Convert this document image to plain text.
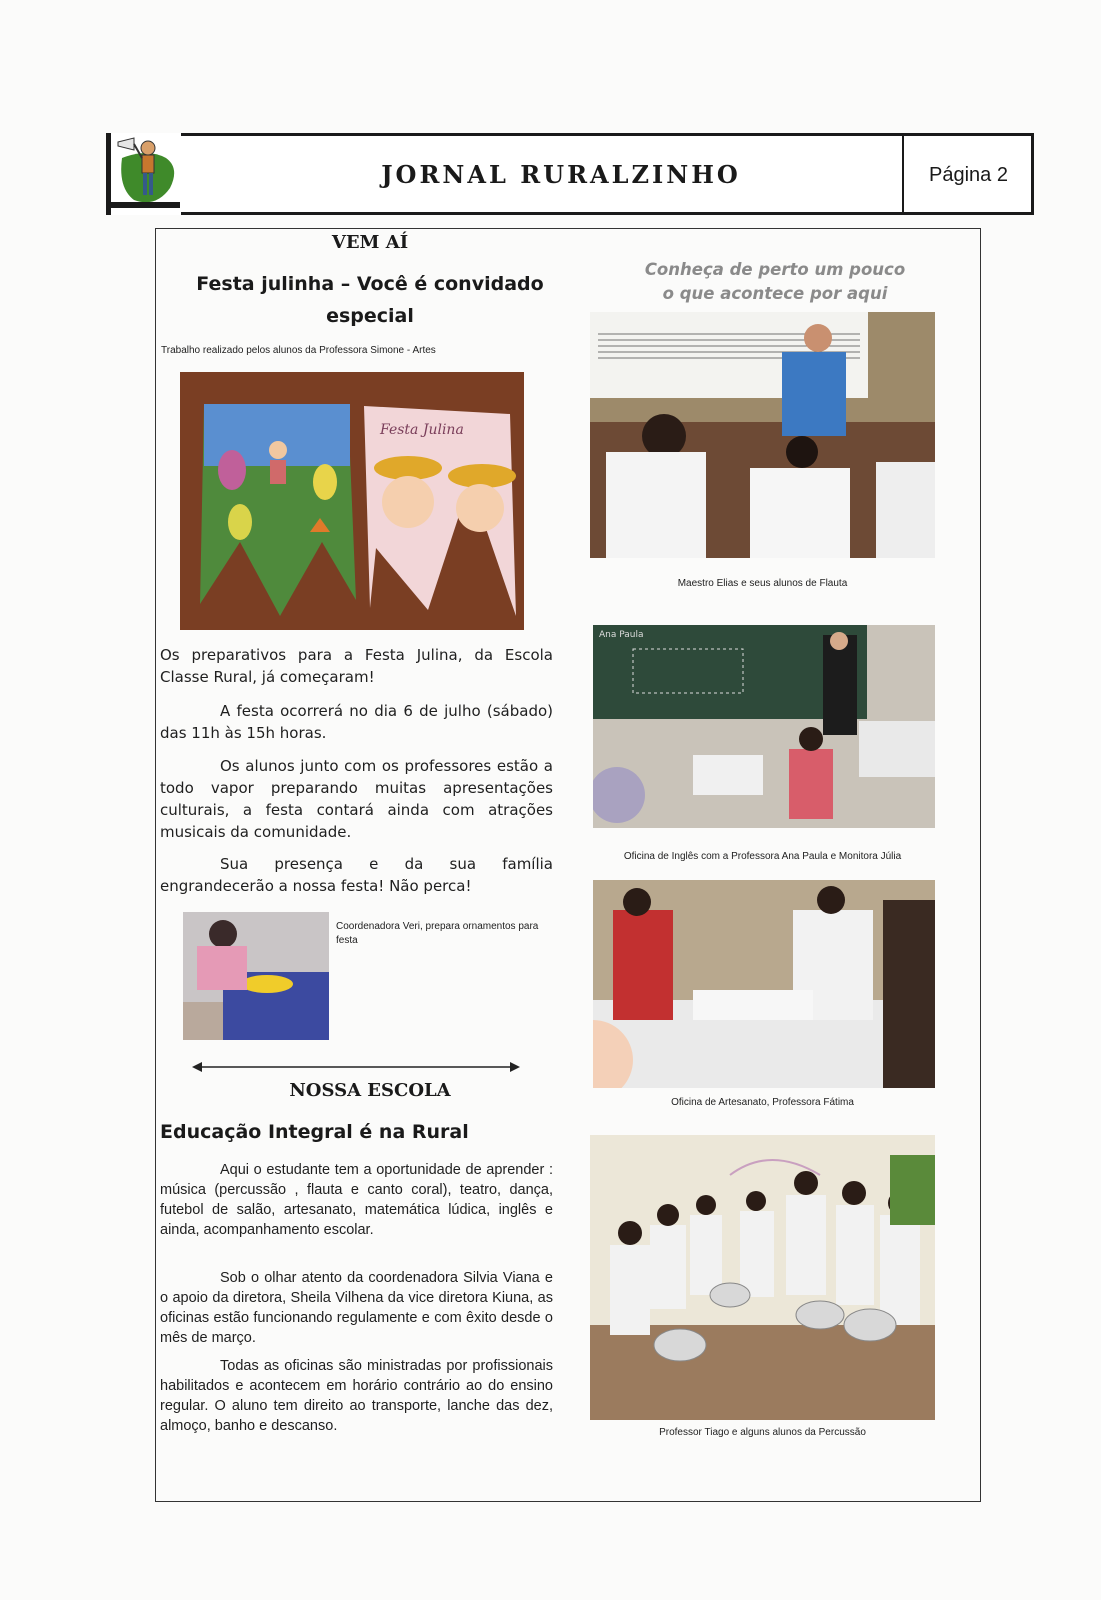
JORNAL RURALZINHO	Página 2
VEM AÍ
Festa julinha – Você é convidado
especial
Trabalho realizado pelos alunos da Professora Simone - Artes
Festa Julina

Os preparativos para a Festa Julina, da Escola Classe Rural, já começaram!

A festa ocorrerá no dia 6 de julho (sábado) das 11h às 15h horas.

Os alunos junto com os professores estão a todo vapor preparando muitas apresentações culturais, a festa contará ainda com atrações musicais da comunidade.

Sua presença e da sua família engrandecerão a nossa festa! Não perca!

Coordenadora Veri, prepara ornamentos para festa
NOSSA ESCOLA
Educação Integral é na Rural

Aqui o estudante tem a oportunidade de aprender : música (percussão , flauta e canto coral), teatro, dança, futebol de salão, artesanato, matemática lúdica, inglês e ainda, acompanhamento escolar.

Sob o olhar atento da coordenadora Silvia Viana e o apoio da diretora, Sheila Vilhena da vice diretora Kiuna, as oficinas estão funcionando regulamente e com êxito desde o mês de março.

Todas as oficinas são ministradas por profissionais habilitados e acontecem em horário contrário ao do ensino regular. O aluno tem direito ao transporte, lanche das dez, almoço, banho e descanso.

Conheça de perto um pouco
o que acontece por aqui
Maestro Elias e seus alunos de Flauta
Ana Paula
Oficina de Inglês com a Professora Ana Paula e Monitora Júlia
Oficina de Artesanato, Professora Fátima
Professor Tiago e alguns alunos da Percussão
